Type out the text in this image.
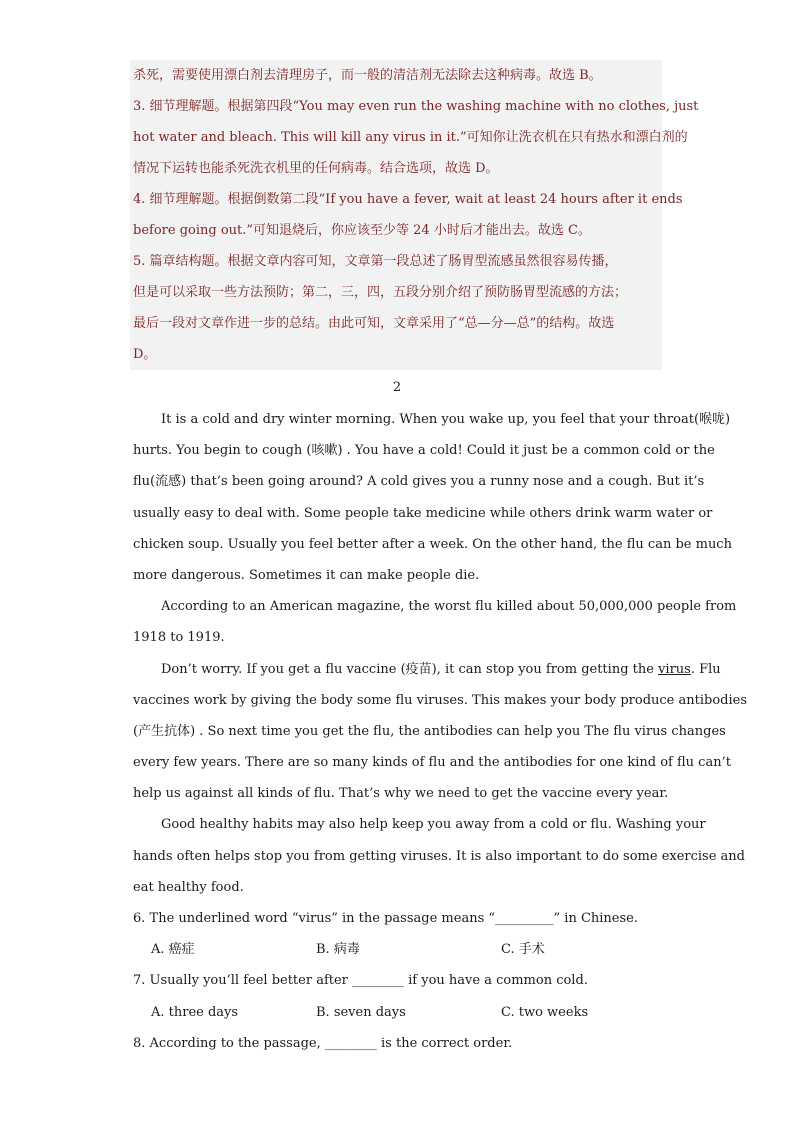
杀死，需要使用漂白剂去清理房子，而一般的清洁剂无法除去这种病毒。故选 B。
3. 细节理解题。根据第四段“You may even run the washing machine with no clothes, just
hot water and bleach. This will kill any virus in it.”可知你让洗衣机在只有热水和漂白剂的
情况下运转也能杀死洗衣机里的任何病毒。结合选项，故选 D。
4. 细节理解题。根据倒数第二段“If you have a fever, wait at least 24 hours after it ends
before going out.”可知退烧后，你应该至少等 24 小时后才能出去。故选 C。
5. 篇章结构题。根据文章内容可知，文章第一段总述了肠胃型流感虽然很容易传播，
但是可以采取一些方法预防；第二，三，四，五段分别介绍了预防肠胃型流感的方法；
最后一段对文章作进一步的总结。由此可知，文章采用了“总—分—总”的结构。故选
D。
2
It is a cold and dry winter morning. When you wake up, you feel that your throat(喉咙)
hurts. You begin to cough (咳嗽) . You have a cold! Could it just be a common cold or the
flu(流感) that’s been going around? A cold gives you a runny nose and a cough. But it’s
usually easy to deal with. Some people take medicine while others drink warm water or
chicken soup. Usually you feel better after a week. On the other hand, the flu can be much
more dangerous. Sometimes it can make people die.
According to an American magazine, the worst flu killed about 50,000,000 people from
1918 to 1919.
Don’t worry. If you get a flu vaccine (疫苗), it can stop you from getting the virus. Flu
vaccines work by giving the body some flu viruses. This makes your body produce antibodies
(产生抗体) . So next time you get the flu, the antibodies can help you The flu virus changes
every few years. There are so many kinds of flu and the antibodies for one kind of flu can’t
help us against all kinds of flu. That’s why we need to get the vaccine every year.
Good healthy habits may also help keep you away from a cold or flu. Washing your
hands often helps stop you from getting viruses. It is also important to do some exercise and
eat healthy food.
6. The underlined word “virus” in the passage means “_________” in Chinese.
A. 癌症	B. 病毒	C. 手术
7. Usually you’ll feel better after ________ if you have a common cold.
A. three days	B. seven days	C. two weeks
8. According to the passage, ________ is the correct order.
